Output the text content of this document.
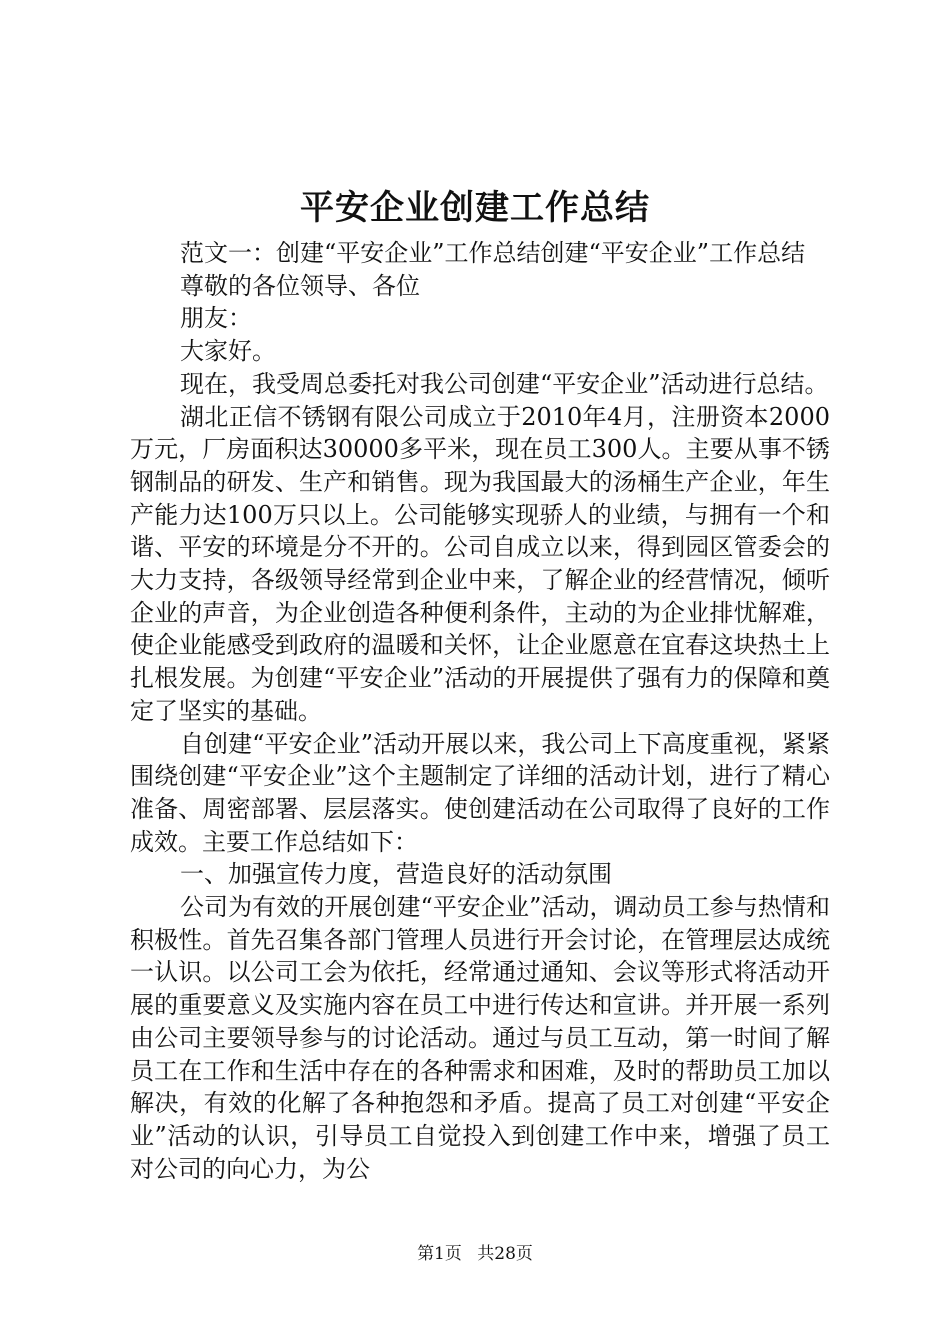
平安企业创建工作总结

范文一：创建“平安企业”工作总结创建“平安企业”工作总结

尊敬的各位领导、各位

朋友：

大家好。

现在，我受周总委托对我公司创建“平安企业”活动进行总结。

湖北正信不锈钢有限公司成立于2010年4月，注册资本2000万元，厂房面积达30000多平米，现在员工300人。主要从事不锈钢制品的研发、生产和销售。现为我国最大的汤桶生产企业，年生产能力达100万只以上。公司能够实现骄人的业绩，与拥有一个和谐、平安的环境是分不开的。公司自成立以来，得到园区管委会的大力支持，各级领导经常到企业中来，了解企业的经营情况，倾听企业的声音，为企业创造各种便利条件，主动的为企业排忧解难，使企业能感受到政府的温暖和关怀，让企业愿意在宜春这块热土上扎根发展。为创建“平安企业”活动的开展提供了强有力的保障和奠定了坚实的基础。

自创建“平安企业”活动开展以来，我公司上下高度重视，紧紧围绕创建“平安企业”这个主题制定了详细的活动计划，进行了精心准备、周密部署、层层落实。使创建活动在公司取得了良好的工作成效。主要工作总结如下：

一、加强宣传力度，营造良好的活动氛围

公司为有效的开展创建“平安企业”活动，调动员工参与热情和积极性。首先召集各部门管理人员进行开会讨论，在管理层达成统一认识。以公司工会为依托，经常通过通知、会议等形式将活动开展的重要意义及实施内容在员工中进行传达和宣讲。并开展一系列由公司主要领导参与的讨论活动。通过与员工互动，第一时间了解员工在工作和生活中存在的各种需求和困难，及时的帮助员工加以解决，有效的化解了各种抱怨和矛盾。提高了员工对创建“平安企业”活动的认识，引导员工自觉投入到创建工作中来，增强了员工对公司的向心力，为公

第1页 共28页
